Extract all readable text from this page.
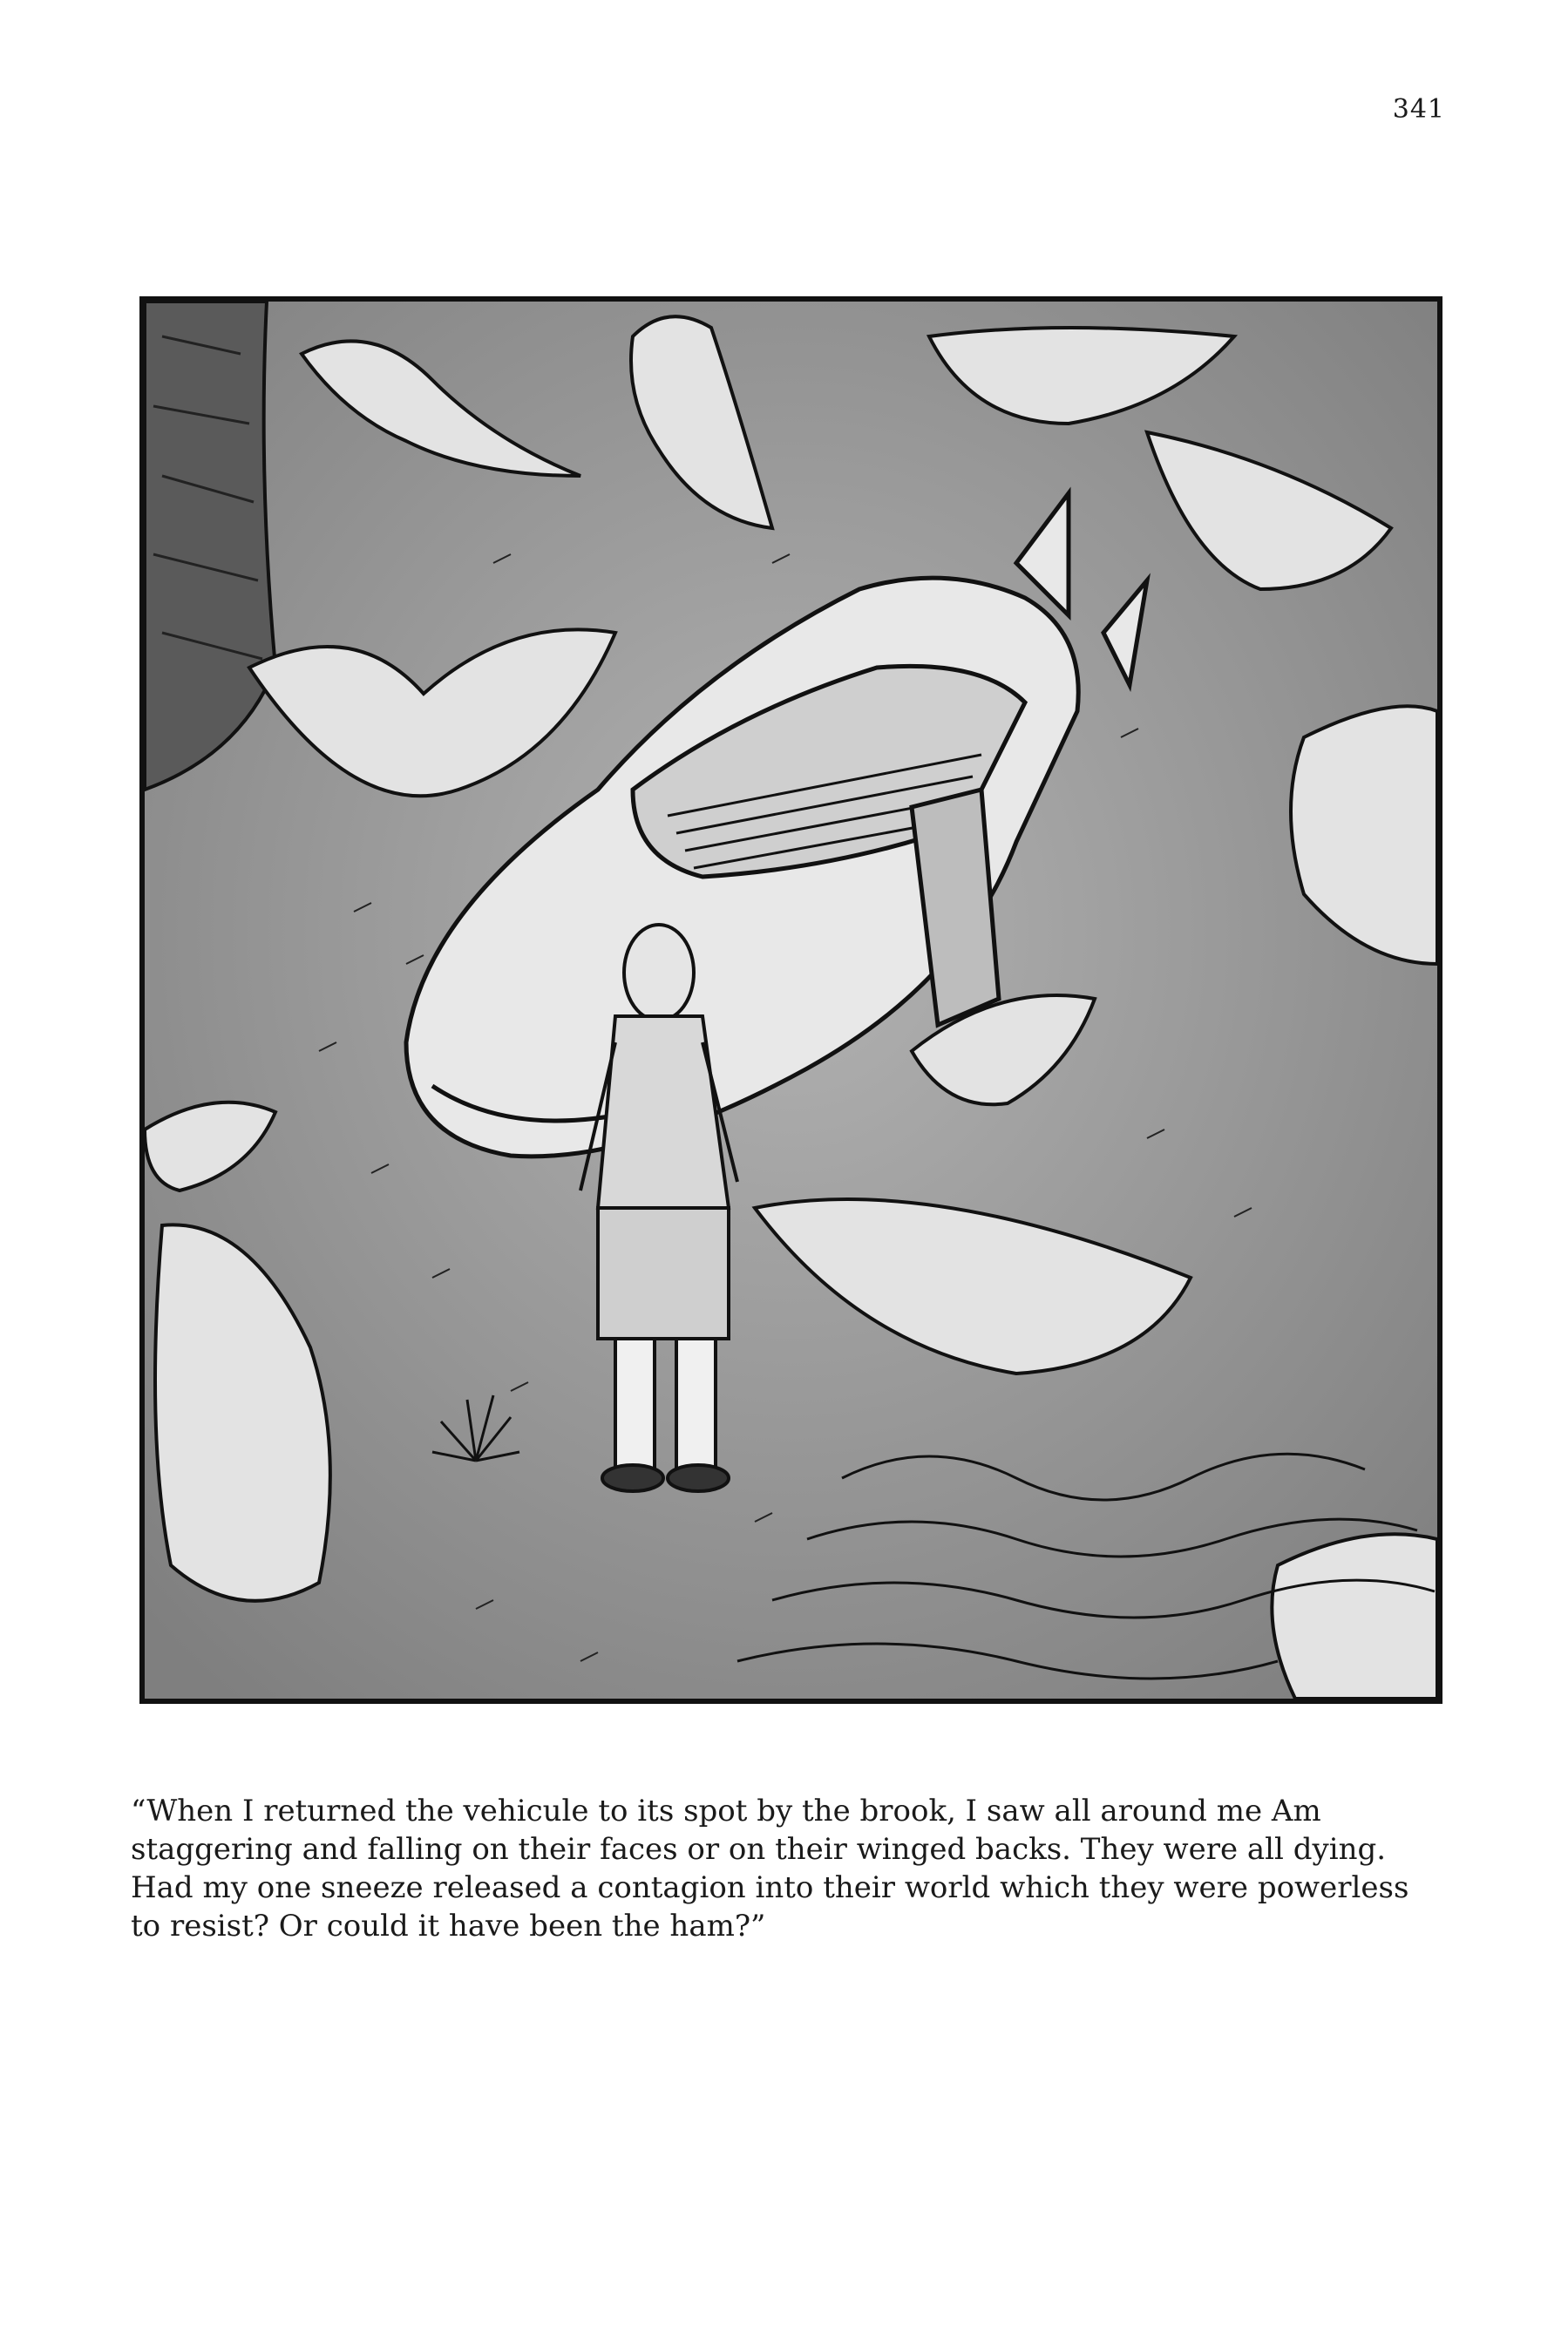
341

“When I returned the vehicule to its spot by the brook, I saw all around me Am staggering and falling on their faces or on their winged backs. They were all dying. Had my one sneeze released a contagion into their world which they were powerless to resist? Or could it have been the ham?”
